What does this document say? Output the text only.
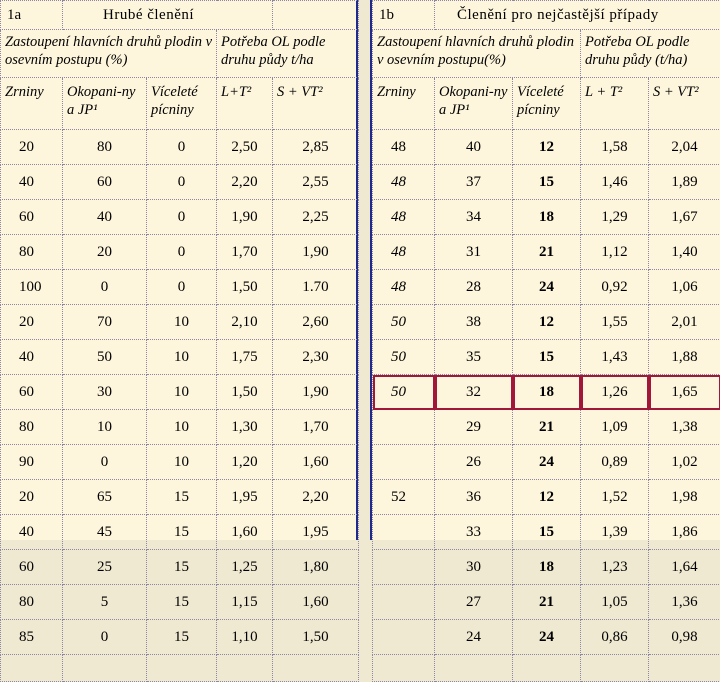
1a	Hrubé členění			
Zastoupení hlavních druhů plodin v osevním postupu (%)			Potřeba OL podle druhu půdy t/ha	
Zrniny	Okopani-ny a JP¹	Víceleté pícniny	L+T²	S + VT²
20	80	0	2,50	2,85
40	60	0	2,20	2,55
60	40	0	1,90	2,25
80	20	0	1,70	1,90
100	0	0	1,50	1.70
20	70	10	2,10	2,60
40	50	10	1,75	2,30
60	30	10	1,50	1,90
80	10	10	1,30	1,70
90	0	10	1,20	1,60
20	65	15	1,95	2,20
40	45	15	1,60	1,95
60	25	15	1,25	1,80
80	5	15	1,15	1,60
85	0	15	1,10	1,50

1b	Členění pro nejčastější případy			
Zastoupení hlavních druhů plodin v osevním postupu(%)			Potřeba OL podle druhu půdy (t/ha)	
Zrniny	Okopani-ny a JP¹	Víceleté pícniny	L + T²	S + VT²
48	40	12	1,58	2,04
48	37	15	1,46	1,89
48	34	18	1,29	1,67
48	31	21	1,12	1,40
48	28	24	0,92	1,06
50	38	12	1,55	2,01
50	35	15	1,43	1,88
50	32	18	1,26	1,65
	29	21	1,09	1,38
	26	24	0,89	1,02
52	36	12	1,52	1,98
	33	15	1,39	1,86
	30	18	1,23	1,64
	27	21	1,05	1,36
	24	24	0,86	0,98
